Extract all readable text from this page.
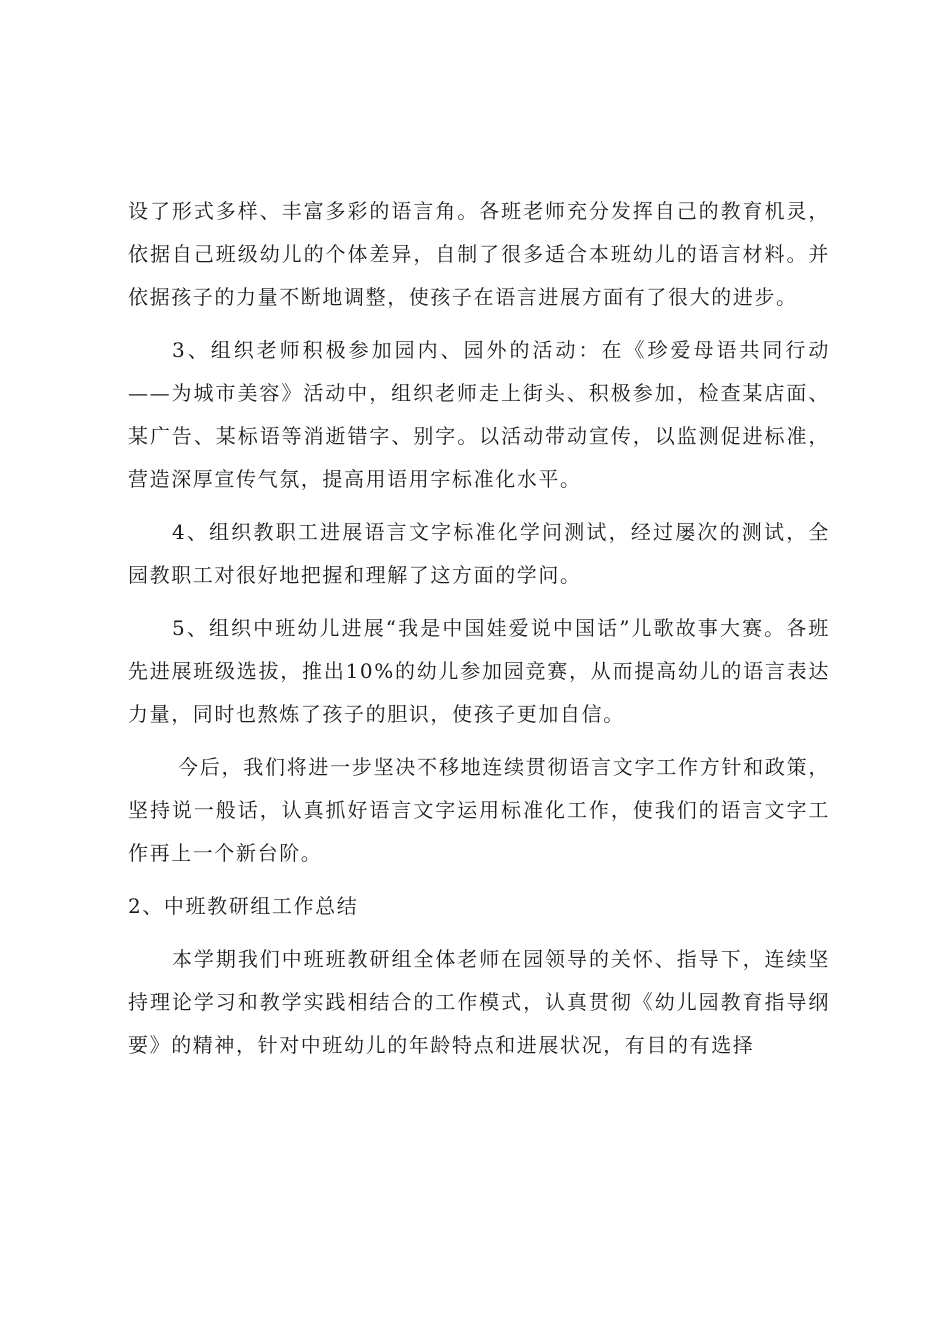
设了形式多样、丰富多彩的语言角。各班老师充分发挥自己的教育机灵，依据自己班级幼儿的个体差异，自制了很多适合本班幼儿的语言材料。并依据孩子的力量不断地调整，使孩子在语言进展方面有了很大的进步。

3、组织老师积极参加园内、园外的活动：在《珍爱母语共同行动——为城市美容》活动中，组织老师走上街头、积极参加，检查某店面、某广告、某标语等消逝错字、别字。以活动带动宣传，以监测促进标准，营造深厚宣传气氛，提高用语用字标准化水平。

4、组织教职工进展语言文字标准化学问测试，经过屡次的测试，全园教职工对很好地把握和理解了这方面的学问。

5、组织中班幼儿进展“我是中国娃爱说中国话”儿歌故事大赛。各班先进展班级选拔，推出10%的幼儿参加园竞赛，从而提高幼儿的语言表达力量，同时也熬炼了孩子的胆识，使孩子更加自信。

今后，我们将进一步坚决不移地连续贯彻语言文字工作方针和政策，坚持说一般话，认真抓好语言文字运用标准化工作，使我们的语言文字工作再上一个新台阶。

2、中班教研组工作总结

本学期我们中班班教研组全体老师在园领导的关怀、指导下，连续坚持理论学习和教学实践相结合的工作模式，认真贯彻《幼儿园教育指导纲要》的精神，针对中班幼儿的年龄特点和进展状况，有目的有选择
